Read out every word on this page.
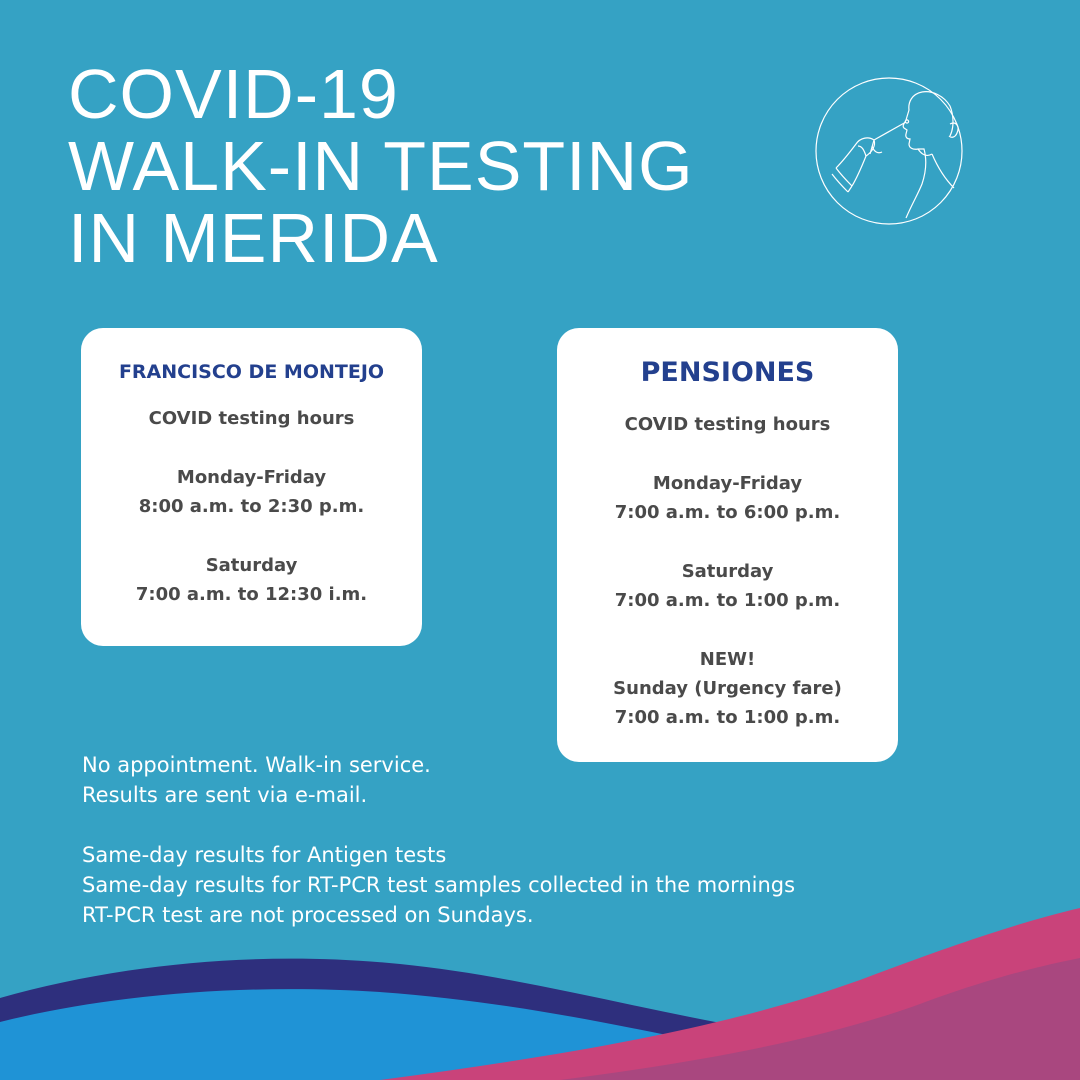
COVID-19
WALK-IN TESTING
IN MERIDA

FRANCISCO DE MONTEJO

COVID testing hours

Monday-Friday

8:00 a.m. to 2:30 p.m.

Saturday

7:00 a.m. to 12:30 i.m.

PENSIONES

COVID testing hours

Monday-Friday

7:00 a.m. to 6:00 p.m.

Saturday

7:00 a.m. to 1:00 p.m.

NEW!

Sunday (Urgency fare)

7:00 a.m. to 1:00 p.m.

No appointment. Walk-in service.

Results are sent via e-mail.

Same-day results for Antigen tests

Same-day results for RT-PCR test samples collected in the mornings

RT-PCR test are not processed on Sundays.
